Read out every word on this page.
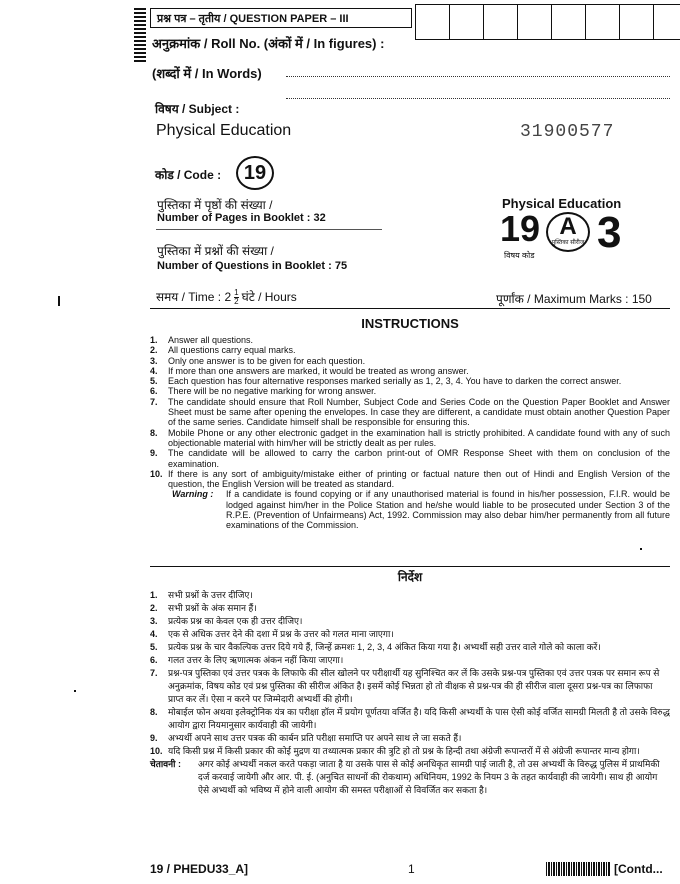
प्रश्न पत्र – तृतीय / QUESTION PAPER – III
अनुक्रमांक / Roll No. (अंकों में / In figures) :
(शब्दों में / In Words)
विषय / Subject :
Physical Education	31900577
कोड / Code :	19
पुस्तिका में पृष्ठों की संख्या /
Number of Pages in Booklet : 32
पुस्तिका में प्रश्नों की संख्या /
Number of Questions in Booklet : 75
Physical Education
19
विषय कोड
A
पुस्तिका सीरीज 3
समय / Time : $2 \frac{1}{2}$ घंटे / Hours	पूर्णांक / Maximum Marks : 150
INSTRUCTIONS
1.	Answer all questions.
2.	All questions carry equal marks.
3.	Only one answer is to be given for each question.
4.	If more than one answers are marked, it would be treated as wrong answer.
5.	Each question has four alternative responses marked serially as 1, 2, 3, 4. You have to darken the correct answer.
6.	There will be no negative marking for wrong answer.
7.	The candidate should ensure that Roll Number, Subject Code and Series Code on the Question Paper Booklet and Answer Sheet must be same after opening the envelopes. In case they are different, a candidate must obtain another Question Paper of the same series. Candidate himself shall be responsible for ensuring this.
8.	Mobile Phone or any other electronic gadget in the examination hall is strictly prohibited. A candidate found with any of such objectionable material with him/her will be strictly dealt as per rules.
9.	The candidate will be allowed to carry the carbon print-out of OMR Response Sheet with them on conclusion of the examination.
10. If there is any sort of ambiguity/mistake either of printing or factual nature then out of Hindi and English Version of the question, the English Version will be treated as standard.
Warning :	If a candidate is found copying or if any unauthorised material is found in his/her possession, F.I.R. would be lodged against him/her in the Police Station and he/she would liable to be prosecuted under Section 3 of the R.P.E. (Prevention of Unfairmeans) Act, 1992. Commission may also debar him/her permanently from all future examinations of the Commission.
निर्देश
1.	सभी प्रश्नों के उत्तर दीजिए।
2.	सभी प्रश्नों के अंक समान हैं।
3.	प्रत्येक प्रश्न का केवल एक ही उत्तर दीजिए।
4.	एक से अधिक उत्तर देने की दशा में प्रश्न के उत्तर को गलत माना जाएगा।
5.	प्रत्येक प्रश्न के चार वैकल्पिक उत्तर दिये गये हैं, जिन्हें क्रमशः 1, 2, 3, 4 अंकित किया गया है। अभ्यर्थी सही उत्तर वाले गोले को काला करें।
6.	गलत उत्तर के लिए ऋणात्मक अंकन नहीं किया जाएगा।
7.	प्रश्न-पत्र पुस्तिका एवं उत्तर पत्रक के लिफाफे की सील खोलने पर परीक्षार्थी यह सुनिश्चित कर लें कि उसके प्रश्न-पत्र पुस्तिका एवं उत्तर पत्रक पर समान रूप से अनुक्रमांक, विषय कोड एवं प्रश्न पुस्तिका की सीरीज अंकित है। इसमें कोई भिन्नता हो तो वीक्षक से प्रश्न-पत्र की ही सीरीज वाला दूसरा प्रश्न-पत्र का लिफाफा प्राप्त कर लें। ऐसा न करने पर जिम्मेदारी अभ्यर्थी की होगी।
8.	मोबाईल फोन अथवा इलेक्ट्रोनिक यंत्र का परीक्षा हॉल में प्रयोग पूर्णतया वर्जित है। यदि किसी अभ्यर्थी के पास ऐसी कोई वर्जित सामग्री मिलती है तो उसके विरुद्ध आयोग द्वारा नियमानुसार कार्यवाही की जायेगी।
9.	अभ्यर्थी अपने साथ उत्तर पत्रक की कार्बन प्रति परीक्षा समाप्ति पर अपने साथ ले जा सकते हैं।
10. यदि किसी प्रश्न में किसी प्रकार की कोई मुद्रण या तथ्यात्मक प्रकार की त्रुटि हो तो प्रश्न के हिन्दी तथा अंग्रेजी रूपान्तरों में से अंग्रेजी रूपान्तर मान्य होगा।
चेतावनी :	अगर कोई अभ्यर्थी नकल करते पकड़ा जाता है या उसके पास से कोई अनधिकृत सामग्री पाई जाती है, तो उस अभ्यर्थी के विरुद्ध पुलिस में प्राथमिकी दर्ज करवाई जायेगी और आर. पी. ई. (अनुचित साधनों की रोकथाम) अधिनियम, 1992 के नियम 3 के तहत कार्यवाही की जायेगी। साथ ही आयोग ऐसे अभ्यर्थी को भविष्य में होने वाली आयोग की समस्त परीक्षाओं से विवर्जित कर सकता है।
19 / PHEDU33_A]	1	[Contd...
